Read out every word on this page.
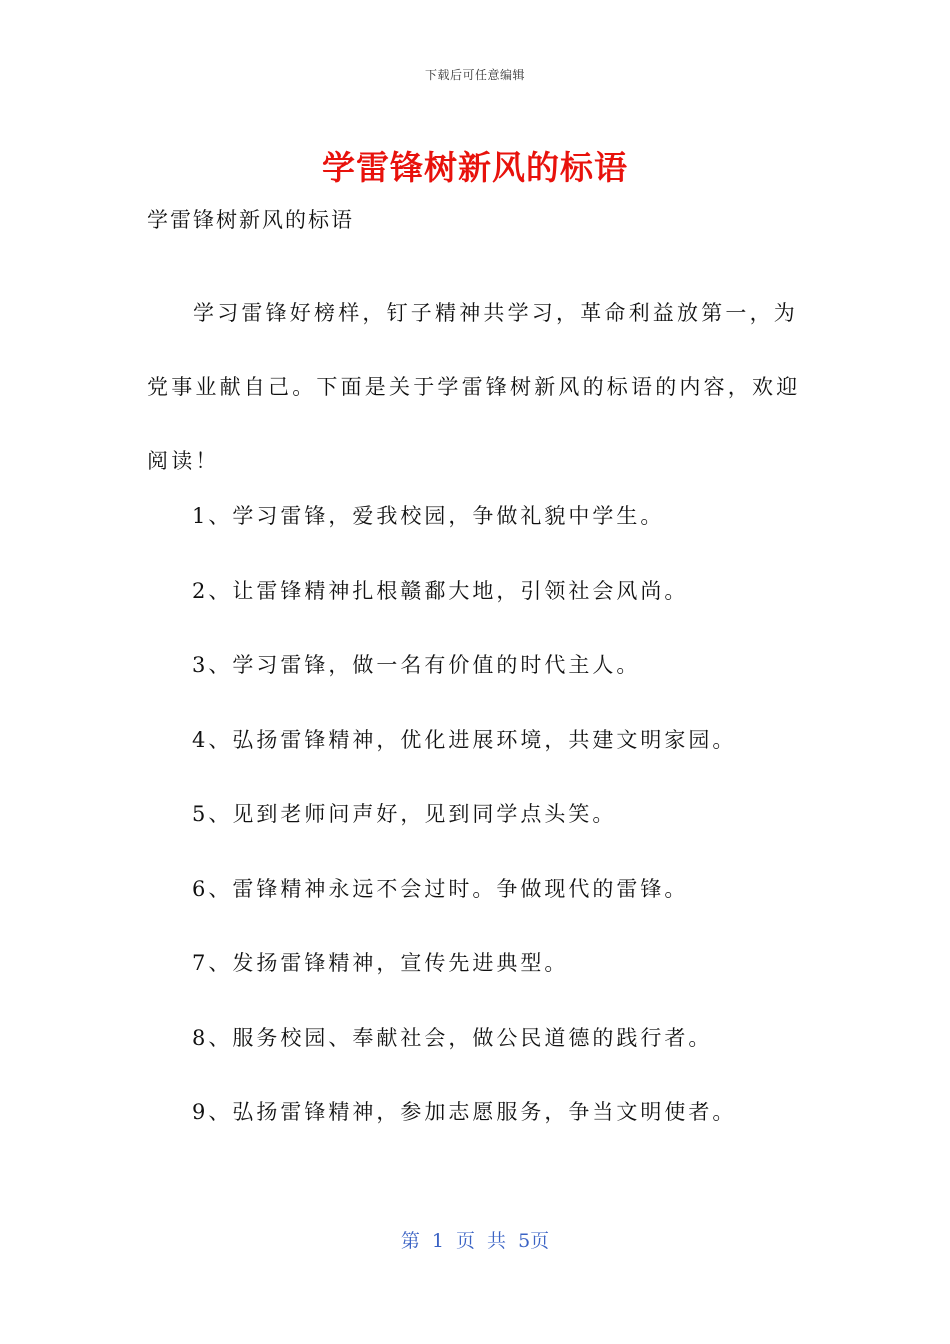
下载后可任意编辑
学雷锋树新风的标语
学雷锋树新风的标语

学习雷锋好榜样，钉子精神共学习，革命利益放第一，为党事业献自己。下面是关于学雷锋树新风的标语的内容，欢迎阅读！

1、学习雷锋，爱我校园，争做礼貌中学生。
2、让雷锋精神扎根赣鄱大地，引领社会风尚。
3、学习雷锋，做一名有价值的时代主人。
4、弘扬雷锋精神，优化进展环境，共建文明家园。
5、见到老师问声好，见到同学点头笑。
6、雷锋精神永远不会过时。争做现代的雷锋。
7、发扬雷锋精神，宣传先进典型。
8、服务校园、奉献社会，做公民道德的践行者。
9、弘扬雷锋精神，参加志愿服务，争当文明使者。
第 1 页 共 5页
